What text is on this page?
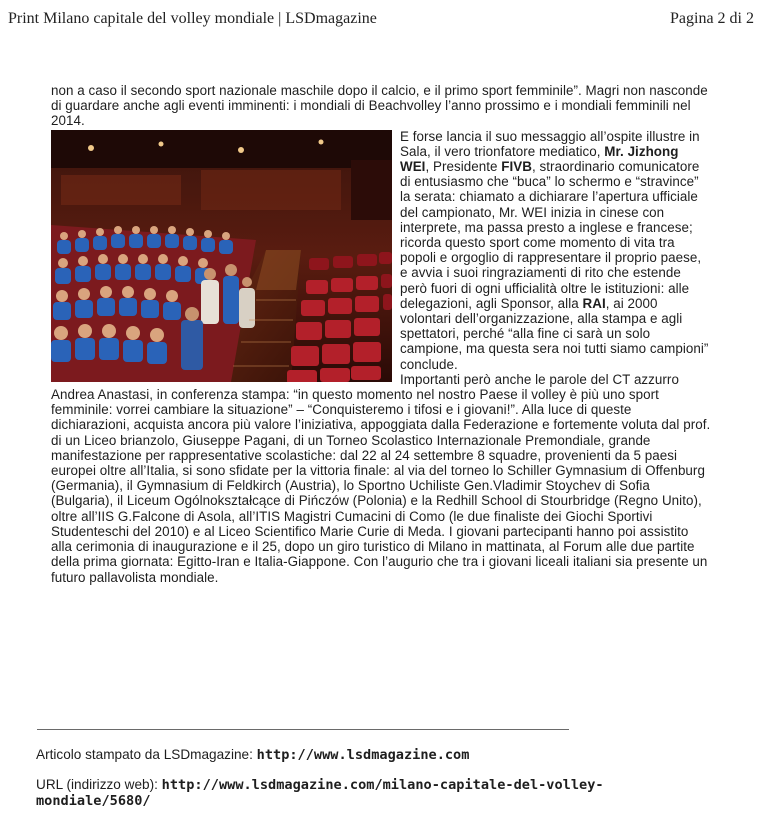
Print Milano capitale del volley mondiale | LSDmagazine	Pagina 2 di 2

non a caso il secondo sport nazionale maschile dopo il calcio, e il primo sport femminile”. Magri non nasconde di guardare anche agli eventi imminenti: i mondiali di Beachvolley l’anno prossimo e i mondiali femminili nel 2014.

E forse lancia il suo messaggio all’ospite illustre in Sala, il vero trionfatore mediatico, Mr. Jizhong WEI, Presidente FIVB, straordinario comunicatore di entusiasmo che “buca” lo schermo e “stravince” la serata: chiamato a dichiarare l’apertura ufficiale del campionato, Mr. WEI inizia in cinese con interprete, ma passa presto a inglese e francese; ricorda questo sport come momento di vita tra popoli e orgoglio di rappresentare il proprio paese, e avvia i suoi ringraziamenti di rito che estende però fuori di ogni ufficialità oltre le istituzioni: alle delegazioni, agli Sponsor, alla RAI, ai 2000 volontari dell’organizzazione, alla stampa e agli spettatori, perché “alla fine ci sarà un solo campione, ma questa sera noi tutti siamo campioni” conclude.

Importanti però anche le parole del CT azzurro Andrea Anastasi, in conferenza stampa: “in questo momento nel nostro Paese il volley è più uno sport femminile: vorrei cambiare la situazione” – “Conquisteremo i tifosi e i giovani!”. Alla luce di queste dichiarazioni, acquista ancora più valore l’iniziativa, appoggiata dalla Federazione e fortemente voluta dal prof. di un Liceo brianzolo, Giuseppe Pagani, di un Torneo Scolastico Internazionale Premondiale, grande manifestazione per rappresentative scolastiche: dal 22 al 24 settembre 8 squadre, provenienti da 5 paesi europei oltre all’Italia, si sono sfidate per la vittoria finale: al via del torneo lo Schiller Gymnasium di Offenburg (Germania), il Gymnasium di Feldkirch (Austria), lo Sportno Uchiliste Gen.Vladimir Stoychev di Sofia (Bulgaria), il Liceum Ogólnokształcące di Pińczów (Polonia) e la Redhill School di Stourbridge (Regno Unito), oltre all’IIS G.Falcone di Asola, all’ITIS Magistri Cumacini di Como (le due finaliste dei Giochi Sportivi Studenteschi del 2010) e al Liceo Scientifico Marie Curie di Meda. I giovani partecipanti hanno poi assistito alla cerimonia di inaugurazione e il 25, dopo un giro turistico di Milano in mattinata, al Forum alle due partite della prima giornata: Egitto-Iran e Italia-Giappone. Con l’augurio che tra i giovani liceali italiani sia presente un futuro pallavolista mondiale.

Articolo stampato da LSDmagazine: http://www.lsdmagazine.com
URL (indirizzo web): http://www.lsdmagazine.com/milano-capitale-del-volley-mondiale/5680/
